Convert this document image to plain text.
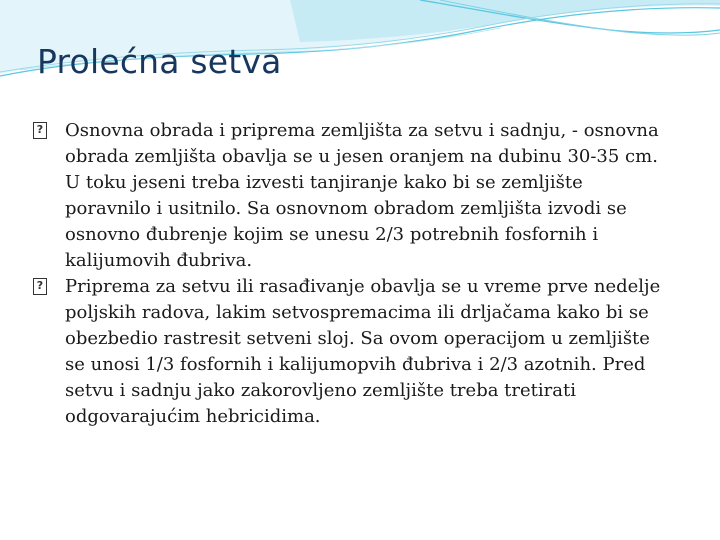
Prolećna setva

? Osnovna obrada i priprema zemljišta za setvu i sadnju, - osnovna obrada zemljišta obavlja se u jesen oranjem na dubinu 30-35 cm. U toku jeseni treba izvesti tanjiranje kako bi se zemljište poravnilo i usitnilo. Sa osnovnom obradom zemljišta izvodi se osnovno đubrenje kojim se unesu 2/3 potrebnih fosfornih i kalijumovih đubriva.

? Priprema za setvu ili rasađivanje obavlja se u vreme prve nedelje poljskih radova, lakim setvospremacima ili drljačama kako bi se obezbedio rastresit setveni sloj. Sa ovom operacijom u zemljište se unosi 1/3 fosfornih i kalijumopvih đubriva i 2/3 azotnih. Pred setvu i sadnju jako zakorovljeno zemljište treba tretirati odgovarajućim hebricidima.
